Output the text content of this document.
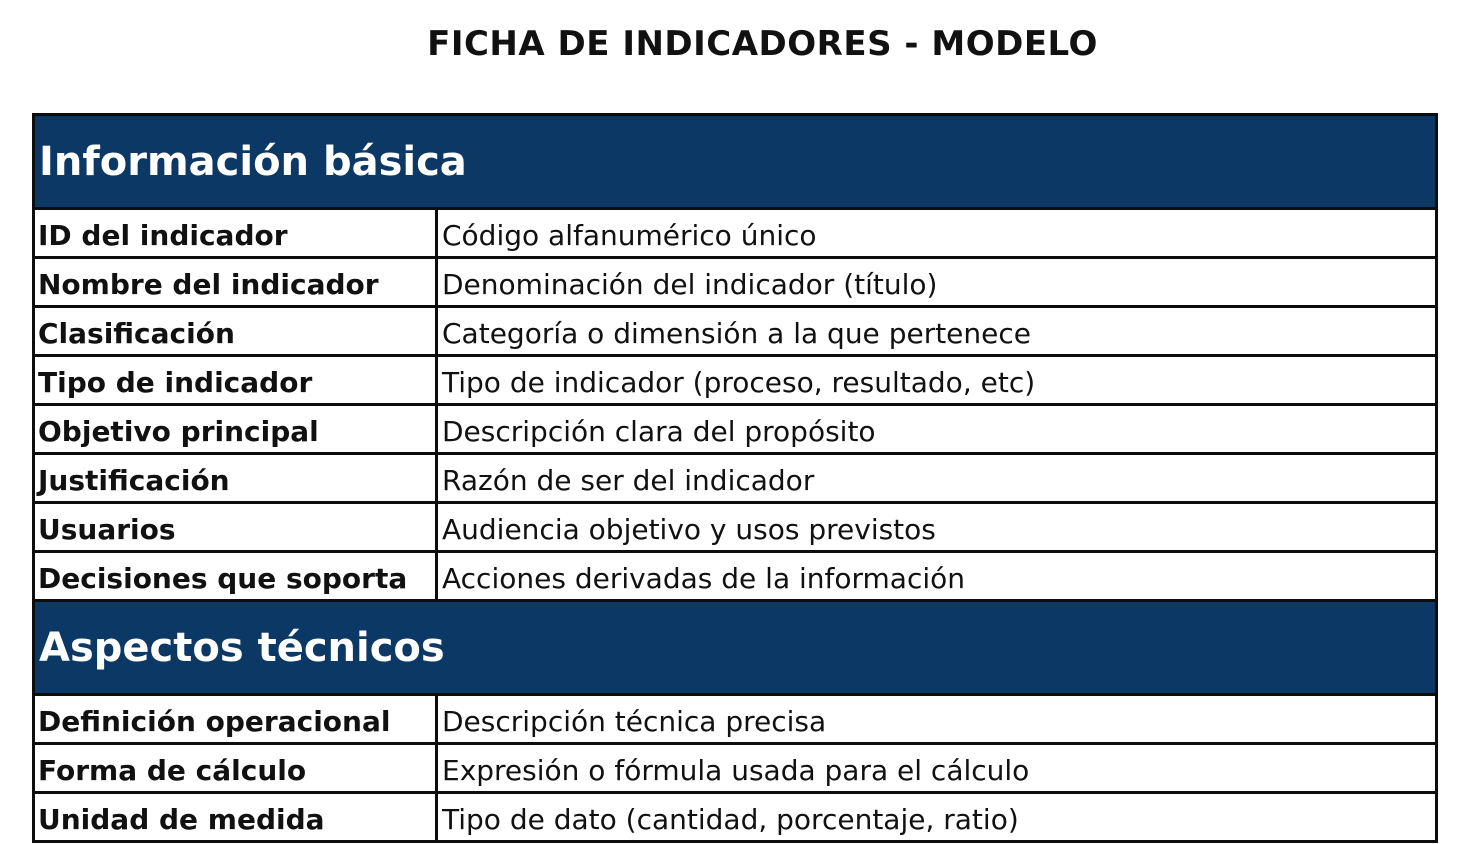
FICHA DE INDICADORES - MODELO
Información básica
ID del indicador	Código alfanumérico único
Nombre del indicador	Denominación del indicador (título)
Clasificación	Categoría o dimensión a la que pertenece
Tipo de indicador	Tipo de indicador (proceso, resultado, etc)
Objetivo principal	Descripción clara del propósito
Justificación	Razón de ser del indicador
Usuarios	Audiencia objetivo y usos previstos
Decisiones que soporta	Acciones derivadas de la información
Aspectos técnicos
Definición operacional	Descripción técnica precisa
Forma de cálculo	Expresión o fórmula usada para el cálculo
Unidad de medida	Tipo de dato (cantidad, porcentaje, ratio)
